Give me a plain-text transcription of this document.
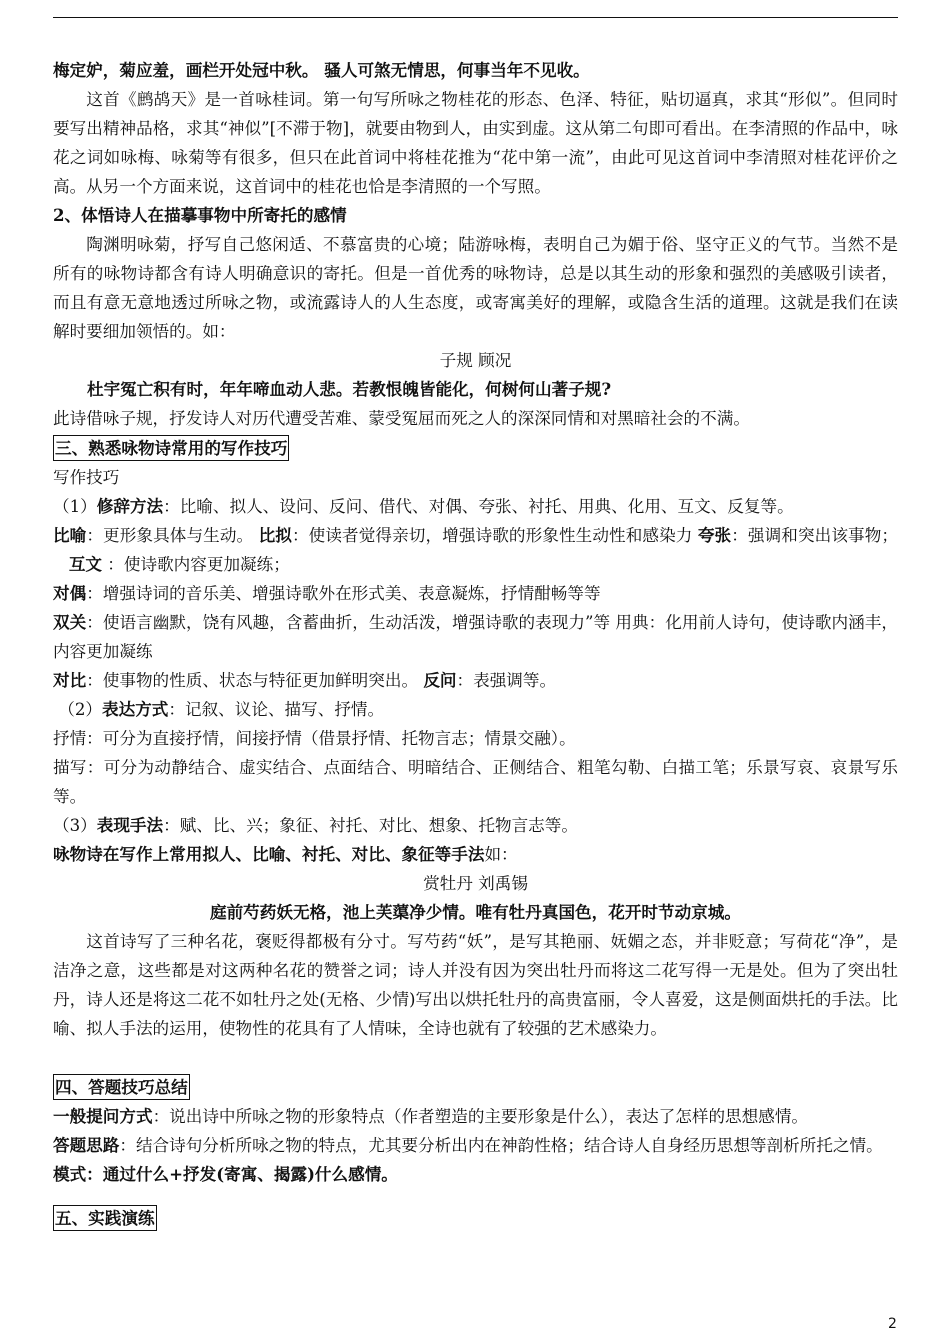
梅定妒，菊应羞，画栏开处冠中秋。 骚人可煞无情思，何事当年不见收。

这首《鹧鸪天》是一首咏桂词。第一句写所咏之物桂花的形态、色泽、特征，贴切逼真，求其“形似”。但同时要写出精神品格，求其“神似”[不滞于物]，就要由物到人，由实到虚。这从第二句即可看出。在李清照的作品中，咏花之词如咏梅、咏菊等有很多，但只在此首词中将桂花推为“花中第一流”，由此可见这首词中李清照对桂花评价之高。从另一个方面来说，这首词中的桂花也恰是李清照的一个写照。

2、体悟诗人在描摹事物中所寄托的感情

陶渊明咏菊，抒写自己悠闲适、不慕富贵的心境；陆游咏梅，表明自己为媚于俗、坚守正义的气节。当然不是所有的咏物诗都含有诗人明确意识的寄托。但是一首优秀的咏物诗，总是以其生动的形象和强烈的美感吸引读者，而且有意无意地透过所咏之物，或流露诗人的人生态度，或寄寓美好的理解，或隐含生活的道理。这就是我们在读解时要细加领悟的。如：

子规 顾况

杜宇冤亡积有时，年年啼血动人悲。若教恨魄皆能化，何树何山著子规?

此诗借咏子规，抒发诗人对历代遭受苦难、蒙受冤屈而死之人的深深同情和对黑暗社会的不满。

三、熟悉咏物诗常用的写作技巧

写作技巧

（1）修辞方法：比喻、拟人、设问、反问、借代、对偶、夸张、衬托、用典、化用、互文、反复等。

比喻：更形象具体与生动。 比拟：使读者觉得亲切，增强诗歌的形象性生动性和感染力 夸张：强调和突出该事物；    互文 ：使诗歌内容更加凝练；

对偶：增强诗词的音乐美、增强诗歌外在形式美、表意凝炼，抒情酣畅等等

双关：使语言幽默，饶有风趣，含蓄曲折，生动活泼，增强诗歌的表现力”等 用典：化用前人诗句，使诗歌内涵丰，内容更加凝练

对比：使事物的性质、状态与特征更加鲜明突出。 反问：表强调等。

（2）表达方式：记叙、议论、描写、抒情。

抒情：可分为直接抒情，间接抒情（借景抒情、托物言志；情景交融）。

描写：可分为动静结合、虚实结合、点面结合、明暗结合、正侧结合、粗笔勾勒、白描工笔；乐景写哀、哀景写乐等。

（3）表现手法：赋、比、兴；象征、衬托、对比、想象、托物言志等。

咏物诗在写作上常用拟人、比喻、衬托、对比、象征等手法如：

赏牡丹 刘禹锡

庭前芍药妖无格，池上芙蕖净少情。唯有牡丹真国色，花开时节动京城。

这首诗写了三种名花，褒贬得都极有分寸。写芍药“妖”，是写其艳丽、妩媚之态，并非贬意；写荷花“净”，是洁净之意，这些都是对这两种名花的赞誉之词；诗人并没有因为突出牡丹而将这二花写得一无是处。但为了突出牡丹，诗人还是将这二花不如牡丹之处(无格、少情)写出以烘托牡丹的高贵富丽，令人喜爱，这是侧面烘托的手法。比喻、拟人手法的运用，使物性的花具有了人情味，全诗也就有了较强的艺术感染力。

四、答题技巧总结

一般提问方式：说出诗中所咏之物的形象特点（作者塑造的主要形象是什么），表达了怎样的思想感情。

答题思路：结合诗句分析所咏之物的特点，尤其要分析出内在神韵性格；结合诗人自身经历思想等剖析所托之情。

模式：通过什么+抒发(寄寓、揭露)什么感情。

五、实践演练

2
